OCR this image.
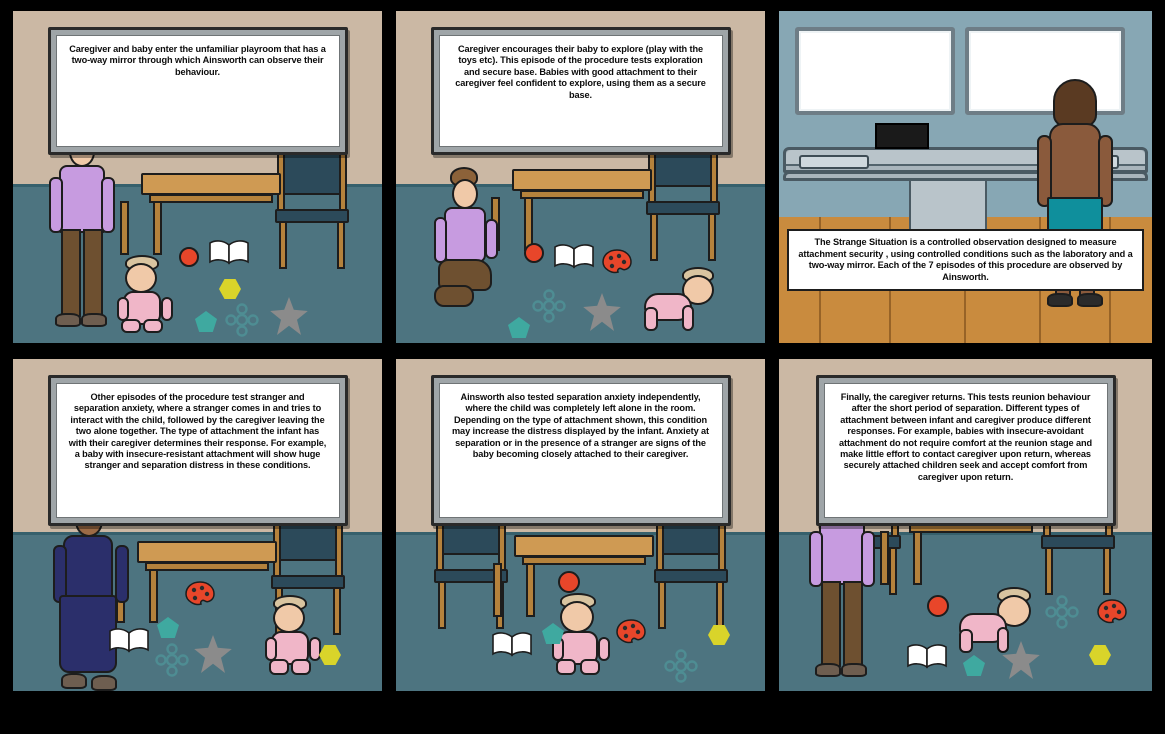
Caregiver and baby enter the unfamiliar playroom that has a two-way mirror through which Ainsworth can observe their behaviour.
Caregiver encourages their baby to explore (play with the toys etc). This episode of the procedure tests exploration and secure base. Babies with good attachment to their caregiver feel confident to explore, using them as a secure base.
The Strange Situation is a controlled observation designed to measure attachment security , using controlled conditions such as the laboratory and a two-way mirror. Each of the 7 episodes of this procedure are observed by Ainsworth.
Other episodes of the procedure test stranger and separation anxiety, where a stranger comes in and tries to interact with the child, followed by the caregiver leaving the two alone together. The type of attachment the infant has with their caregiver determines their response. For example, a baby with insecure-resistant attachment will show huge stranger and separation distress in these conditions.
Ainsworth also tested separation anxiety independently, where the child was completely left alone in the room. Depending on the type of attachment shown, this condition may increase the distress displayed by the infant. Anxiety at separation or in the presence of a stranger are signs of the baby becoming closely attached to their caregiver.
Finally, the caregiver returns. This tests reunion behaviour after the short period of separation. Different types of attachment between infant and caregiver produce different responses. For example, babies with insecure-avoidant attachment do not require comfort at the reunion stage and make little effort to contact caregiver upon return, whereas securely attached children seek and accept comfort from caregiver upon return.
